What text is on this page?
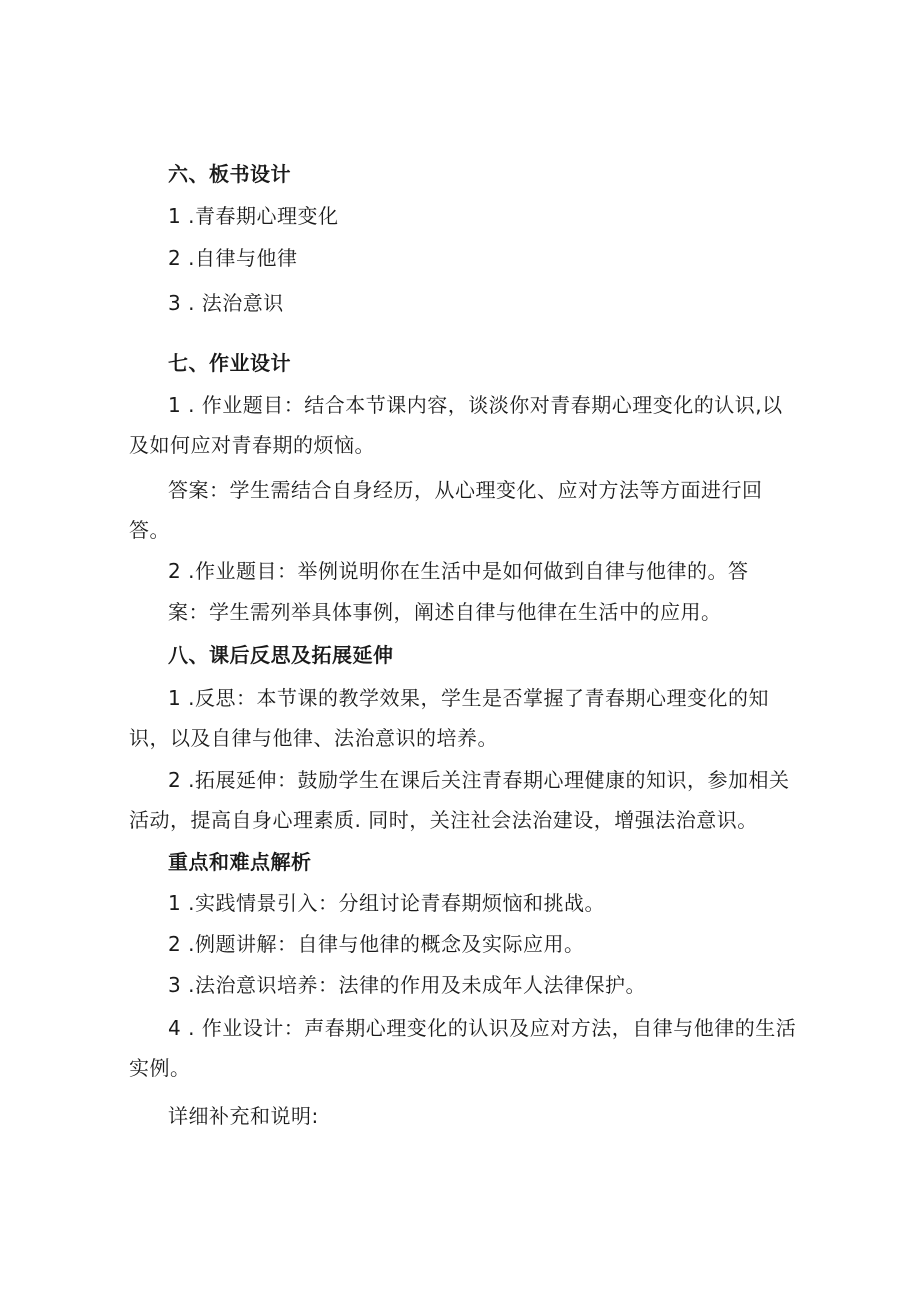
六、板书设计
1 .青春期心理变化
2 .自律与他律
3 . 法治意识
七、作业设计
1 . 作业题目：结合本节课内容，谈淡你对青春期心理变化的认识,以
及如何应对青春期的烦恼。
答案：学生需结合自身经历，从心理变化、应对方法等方面进行回
答。
2 .作业题目：举例说明你在生活中是如何做到自律与他律的。答
案：学生需列举具体事例，阐述自律与他律在生活中的应用。
八、课后反思及拓展延伸
1 .反思：本节课的教学效果，学生是否掌握了青春期心理变化的知
识，以及自律与他律、法治意识的培养。
2 .拓展延伸：鼓励学生在课后关注青春期心理健康的知识，参加相关
活动，提高自身心理素质. 同时，关注社会法治建设，增强法治意识。
重点和难点解析
1 .实践情景引入：分组讨论青春期烦恼和挑战。
2 .例题讲解：自律与他律的概念及实际应用。
3 .法治意识培养：法律的作用及未成年人法律保护。
4 . 作业设计：声春期心理变化的认识及应对方法，自律与他律的生活
实例。
详细补充和说明:
